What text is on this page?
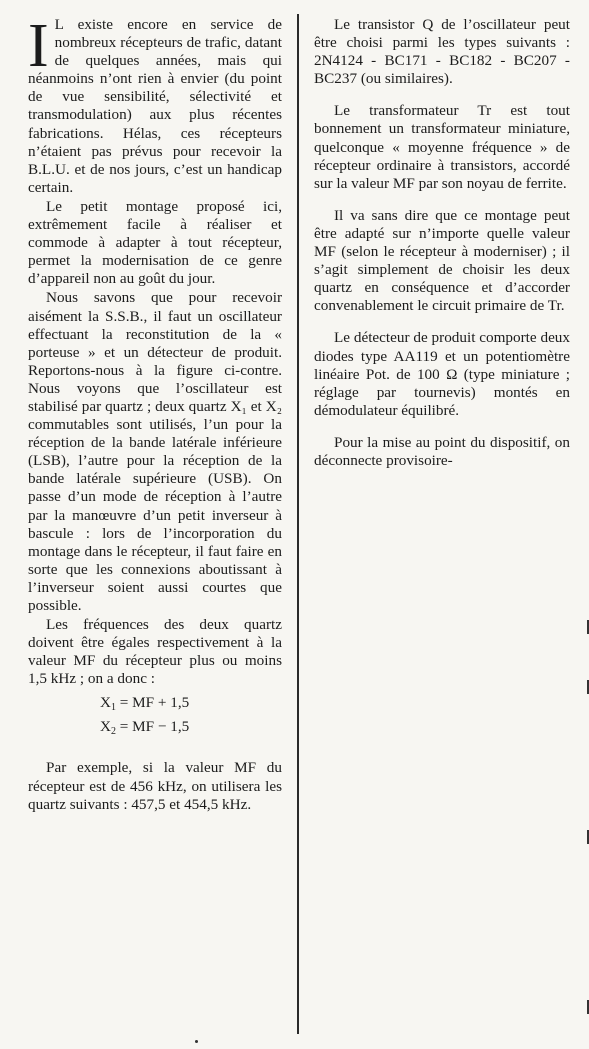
I L existe encore en service de nombreux récepteurs de trafic, datant de quelques années, mais qui néanmoins n’ont rien à envier (du point de vue sensibilité, sélectivité et transmodulation) aux plus récentes fabrications. Hélas, ces récepteurs n’étaient pas prévus pour recevoir la B.L.U. et de nos jours, c’est un handicap certain.

Le petit montage proposé ici, extrêmement facile à réaliser et commode à adapter à tout récepteur, permet la modernisation de ce genre d’appareil non au goût du jour.

Nous savons que pour recevoir aisément la S.S.B., il faut un oscillateur effectuant la reconstitution de la « porteuse » et un détecteur de produit. Reportons-nous à la figure ci-contre. Nous voyons que l’oscillateur est stabilisé par quartz ; deux quartz X₁ et X₂ commutables sont utilisés, l’un pour la réception de la bande latérale inférieure (LSB), l’autre pour la réception de la bande latérale supérieure (USB). On passe d’un mode de réception à l’autre par la manœuvre d’un petit inverseur à bascule : lors de l’incorporation du montage dans le récepteur, il faut faire en sorte que les connexions aboutissant à l’inverseur soient aussi courtes que possible.

Les fréquences des deux quartz doivent être égales respectivement à la valeur MF du récepteur plus ou moins 1,5 kHz ; on a donc :

$X_1$ = MF + 1,5
$X_2$ = MF − 1,5

Par exemple, si la valeur MF du récepteur est de 456 kHz, on utilisera les quartz suivants : 457,5 et 454,5 kHz.

Le transistor Q de l’oscillateur peut être choisi parmi les types suivants : 2N4124 - BC171 - BC182 - BC207 - BC237 (ou similaires).

Le transformateur Tr est tout bonnement un transformateur miniature, quelconque « moyenne fréquence » de récepteur ordinaire à transistors, accordé sur la valeur MF par son noyau de ferrite.

Il va sans dire que ce montage peut être adapté sur n’importe quelle valeur MF (selon le récepteur à moderniser) ; il s’agit simplement de choisir les deux quartz en conséquence et d’accorder convenablement le circuit primaire de Tr.

Le détecteur de produit comporte deux diodes type AA119 et un potentiomètre linéaire Pot. de 100 Ω (type miniature ; réglage par tournevis) montés en démodulateur équilibré.

Pour la mise au point du dispositif, on déconnecte provisoire-
